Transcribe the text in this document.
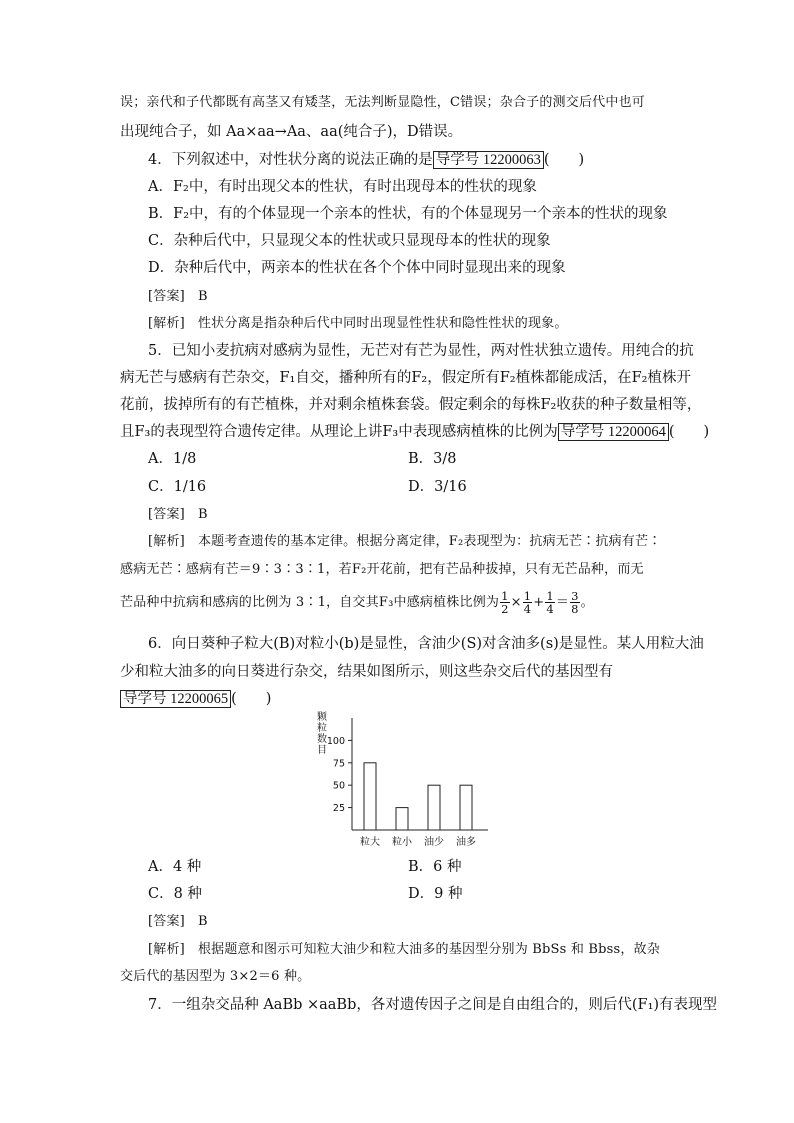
误；亲代和子代都既有高茎又有矮茎，无法判断显隐性，C错误；杂合子的测交后代中也可
出现纯合子，如 Aa×aa→Aa、aa(纯合子)，D错误。
4．下列叙述中，对性状分离的说法正确的是 导学号 12200063 (　　)
A．F₂中，有时出现父本的性状，有时出现母本的性状的现象
B．F₂中，有的个体显现一个亲本的性状，有的个体显现另一个亲本的性状的现象
C．杂种后代中，只显现父本的性状或只显现母本的性状的现象
D．杂种后代中，两亲本的性状在各个个体中同时显现出来的现象
[答案] B
[解析] 性状分离是指杂种后代中同时出现显性性状和隐性性状的现象。
5．已知小麦抗病对感病为显性，无芒对有芒为显性，两对性状独立遗传。用纯合的抗
病无芒与感病有芒杂交，F₁自交，播种所有的F₂，假定所有F₂植株都能成活，在F₂植株开
花前，拔掉所有的有芒植株，并对剩余植株套袋。假定剩余的每株F₂收获的种子数量相等，
且F₃的表现型符合遗传定律。从理论上讲F₃中表现感病植株的比例为 导学号 12200064 (　　)
A．1/8	B．3/8
C．1/16	D．3/16
[答案] B
[解析] 本题考查遗传的基本定律。根据分离定律，F₂表现型为：抗病无芒∶抗病有芒∶
感病无芒∶感病有芒＝9∶3∶3∶1，若F₂开花前，把有芒品种拔掉，只有无芒品种，而无
芒品种中抗病和感病的比例为 3∶1，自交其F₃中感病植株比例为 $\frac{1}{2} \times \frac{1}{4} + \frac{1}{4} = \frac{3}{8}$ 。
6．向日葵种子粒大(B)对粒小(b)是显性，含油少(S)对含油多(s)是显性。某人用粒大油
少和粒大油多的向日葵进行杂交，结果如图所示，则这些杂交后代的基因型有
导学号 12200065 (　　)
颗粒数目
25
50
75
100
粒大 粒小 油少 油多
A．4 种	B．6 种
C．8 种	D．9 种
[答案] B
[解析] 根据题意和图示可知粒大油少和粒大油多的基因型分别为 BbSs 和 Bbss，故杂
交后代的基因型为 3×2＝6 种。
7．一组杂交品种 AaBb ×aaBb，各对遗传因子之间是自由组合的，则后代(F₁)有表现型
